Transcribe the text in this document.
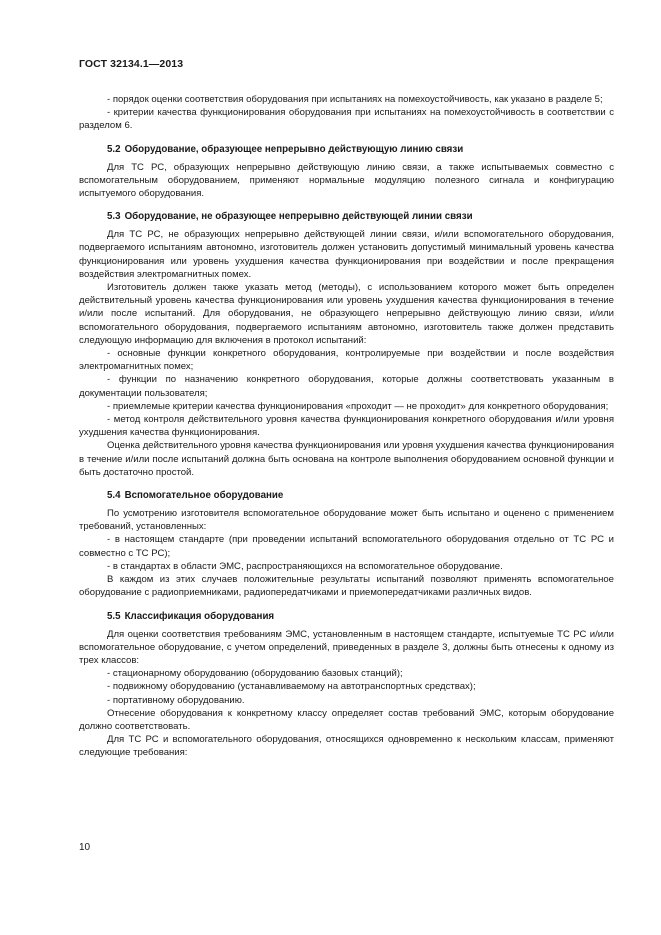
ГОСТ 32134.1—2013

- порядок оценки соответствия оборудования при испытаниях на помехоустойчивость, как указано в разделе 5;

- критерии качества функционирования оборудования при испытаниях на помехоустойчивость в соответствии с разделом 6.

5.2 Оборудование, образующее непрерывно действующую линию связи

Для ТС РС, образующих непрерывно действующую линию связи, а также испытываемых совместно с вспомогательным оборудованием, применяют нормальные модуляцию полезного сигнала и конфигурацию испытуемого оборудования.

5.3 Оборудование, не образующее непрерывно действующей линии связи

Для ТС РС, не образующих непрерывно действующей линии связи, и/или вспомогательного оборудования, подвергаемого испытаниям автономно, изготовитель должен установить допустимый минимальный уровень качества функционирования или уровень ухудшения качества функционирования при воздействии и после прекращения воздействия электромагнитных помех.

Изготовитель должен также указать метод (методы), с использованием которого может быть определен действительный уровень качества функционирования или уровень ухудшения качества функционирования в течение и/или после испытаний. Для оборудования, не образующего непрерывно действующую линию связи, и/или вспомогательного оборудования, подвергаемого испытаниям автономно, изготовитель также должен представить следующую информацию для включения в протокол испытаний:

- основные функции конкретного оборудования, контролируемые при воздействии и после воздействия электромагнитных помех;

- функции по назначению конкретного оборудования, которые должны соответствовать указанным в документации пользователя;

- приемлемые критерии качества функционирования «проходит — не проходит» для конкретного оборудования;

- метод контроля действительного уровня качества функционирования конкретного оборудования и/или уровня ухудшения качества функционирования.

Оценка действительного уровня качества функционирования или уровня ухудшения качества функционирования в течение и/или после испытаний должна быть основана на контроле выполнения оборудованием основной функции и быть достаточно простой.

5.4 Вспомогательное оборудование

По усмотрению изготовителя вспомогательное оборудование может быть испытано и оценено с применением требований, установленных:

- в настоящем стандарте (при проведении испытаний вспомогательного оборудования отдельно от ТС РС и совместно с ТС РС);

- в стандартах в области ЭМС, распространяющихся на вспомогательное оборудование.

В каждом из этих случаев положительные результаты испытаний позволяют применять вспомогательное оборудование с радиоприемниками, радиопередатчиками и приемопередатчиками различных видов.

5.5 Классификация оборудования

Для оценки соответствия требованиям ЭМС, установленным в настоящем стандарте, испытуемые ТС РС и/или вспомогательное оборудование, с учетом определений, приведенных в разделе 3, должны быть отнесены к одному из трех классов:

- стационарному оборудованию (оборудованию базовых станций);

- подвижному оборудованию (устанавливаемому на автотранспортных средствах);

- портативному оборудованию.

Отнесение оборудования к конкретному классу определяет состав требований ЭМС, которым оборудование должно соответствовать.

Для ТС РС и вспомогательного оборудования, относящихся одновременно к нескольким классам, применяют следующие требования:

10
